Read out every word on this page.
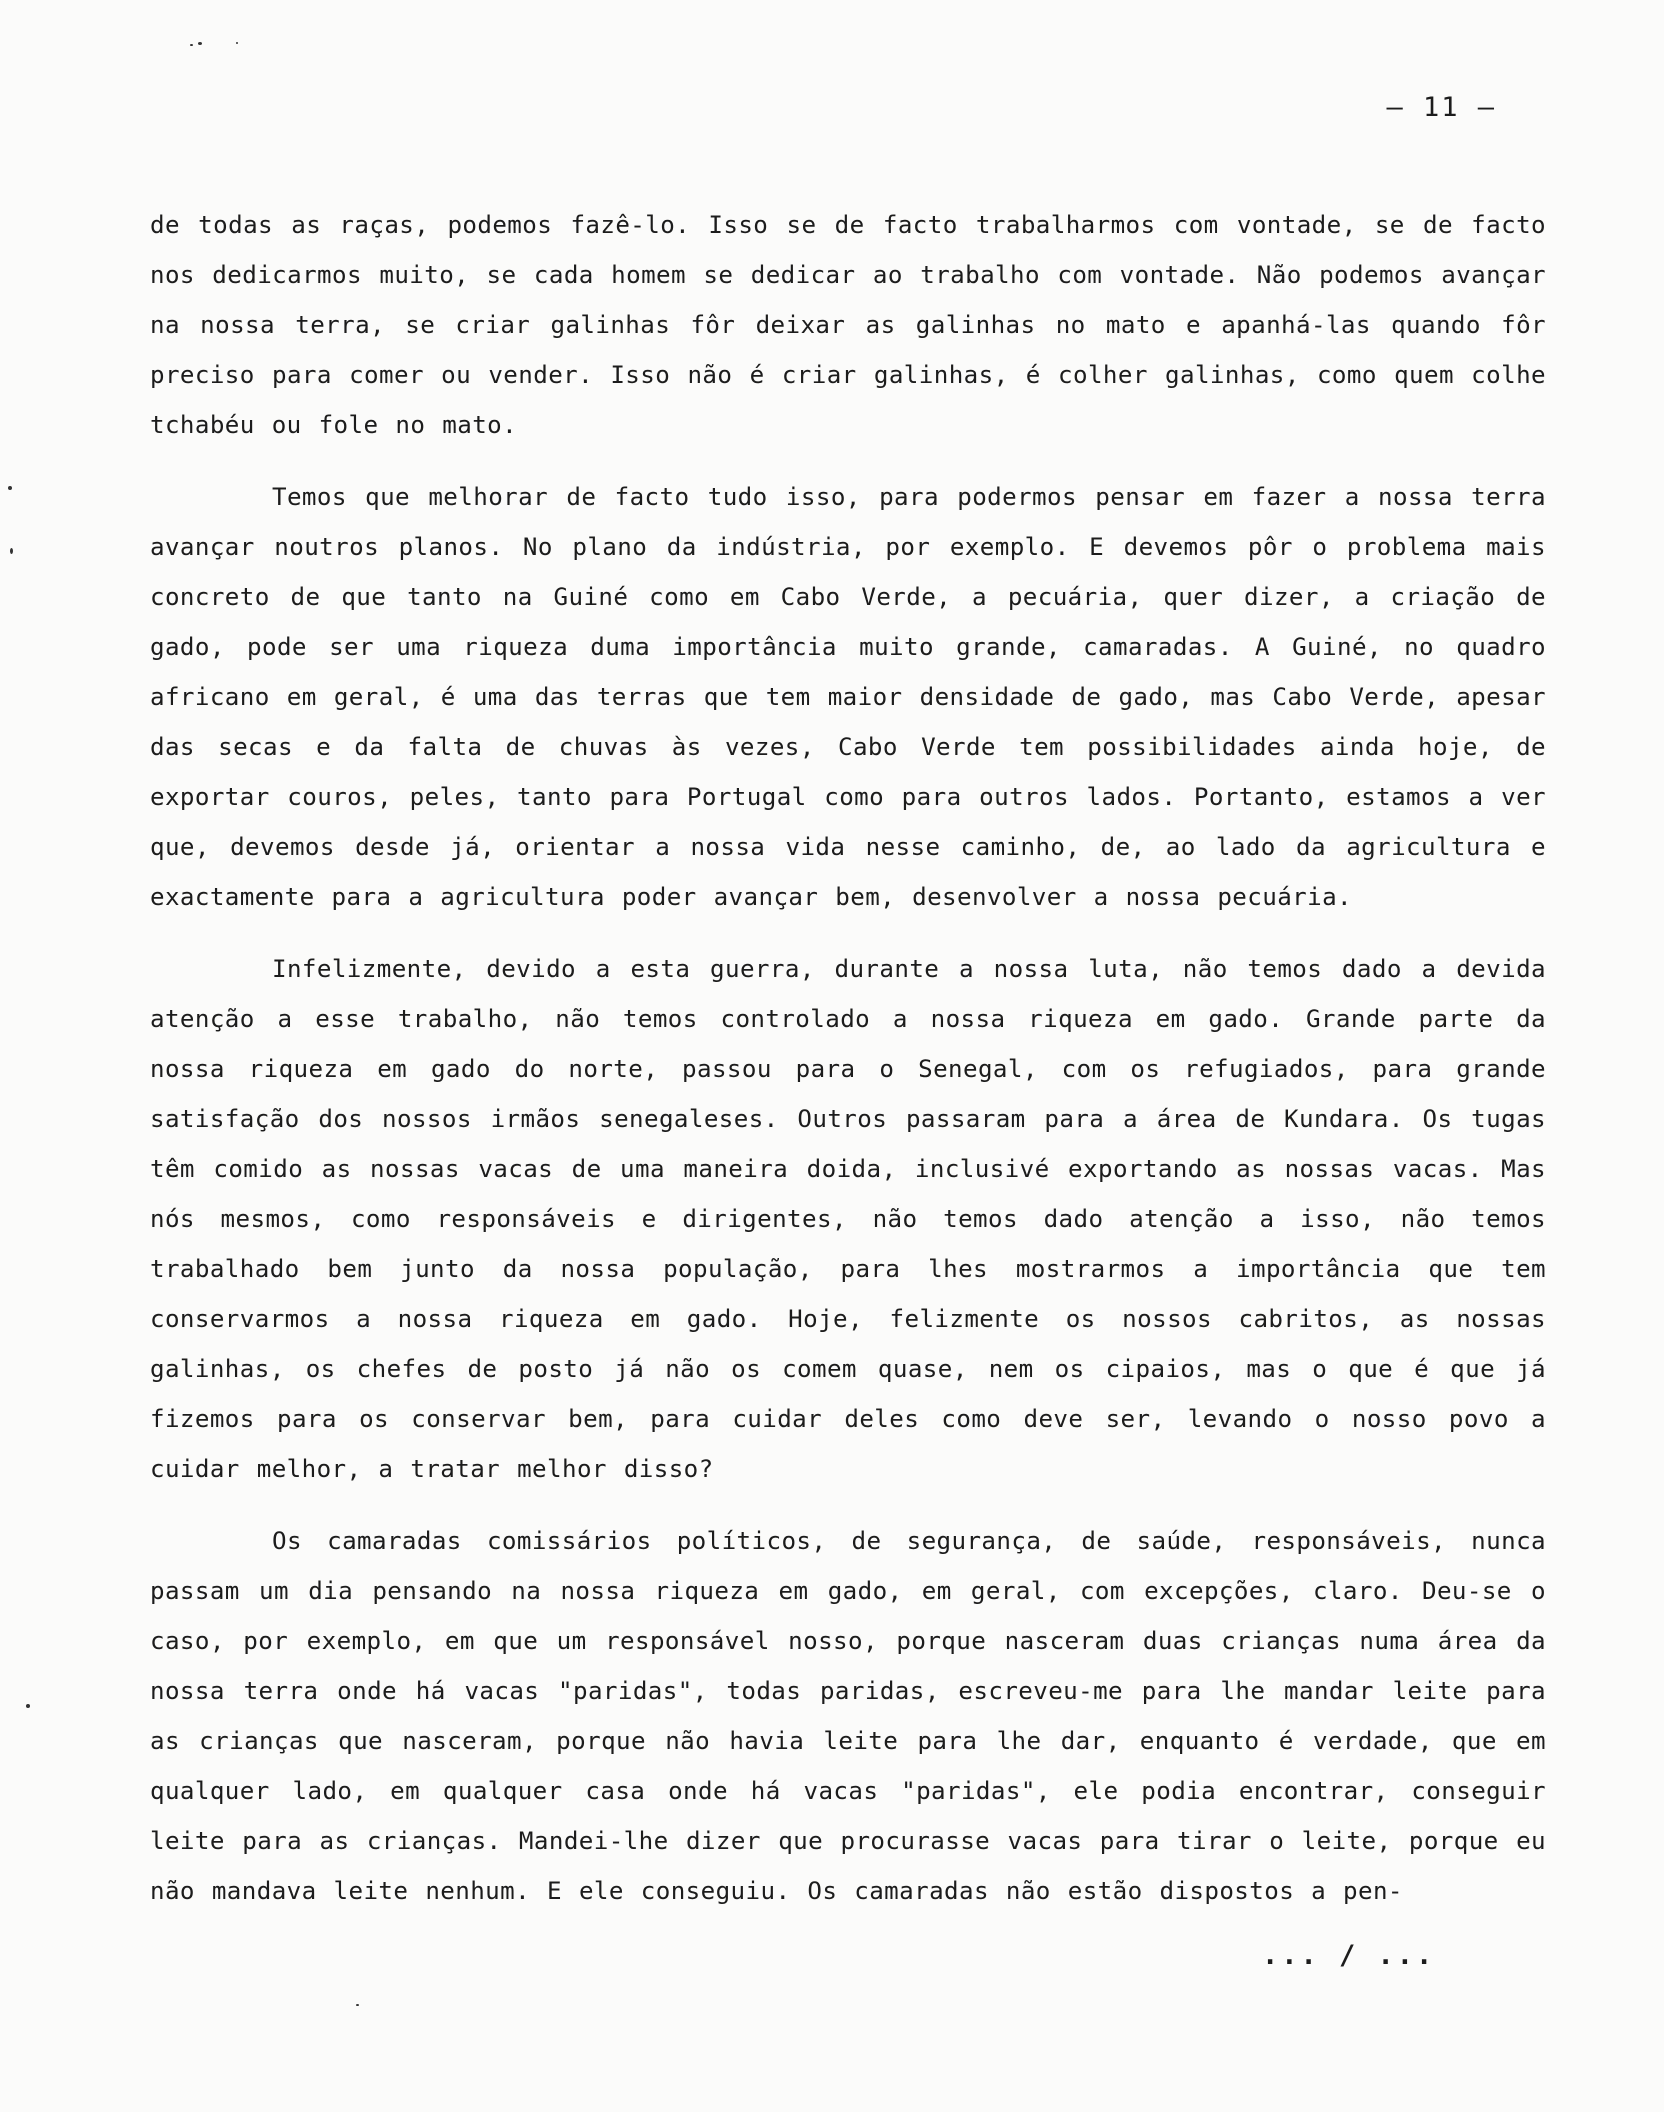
– 11 –

de todas as raças, podemos fazê-lo. Isso se de facto trabalharmos com vontade, se de facto nos dedicarmos muito, se cada homem se dedicar ao trabalho com vontade. Não podemos avançar na nossa terra, se criar galinhas fôr deixar as galinhas no mato e apanhá-las quando fôr preciso para comer ou vender. Isso não é criar galinhas, é colher galinhas, como quem colhe tchabéu ou fole no mato.

Temos que melhorar de facto tudo isso, para podermos pensar em fazer a nossa terra avançar noutros planos. No plano da indústria, por exemplo. E devemos pôr o problema mais concreto de que tanto na Guiné como em Cabo Verde, a pecuária, quer dizer, a criação de gado, pode ser uma riqueza duma importância muito grande, camaradas. A Guiné, no quadro africano em geral, é uma das terras que tem maior densidade de gado, mas Cabo Verde, apesar das secas e da falta de chuvas às vezes, Cabo Verde tem possibilidades ainda hoje, de exportar couros, peles, tanto para Portugal como para outros lados. Portanto, estamos a ver que, devemos desde já, orientar a nossa vida nesse caminho, de, ao lado da agricultura e exactamente para a agricultura poder avançar bem, desenvolver a nossa pecuária.

Infelizmente, devido a esta guerra, durante a nossa luta, não temos dado a devida atenção a esse trabalho, não temos controlado a nossa riqueza em gado. Grande parte da nossa riqueza em gado do norte, passou para o Senegal, com os refugiados, para grande satisfação dos nossos irmãos senegaleses. Outros passaram para a área de Kundara. Os tugas têm comido as nossas vacas de uma maneira doida, inclusivé exportando as nossas vacas. Mas nós mesmos, como responsáveis e dirigentes, não temos dado atenção a isso, não temos trabalhado bem junto da nossa população, para lhes mostrarmos a importância que tem conservarmos a nossa riqueza em gado. Hoje, felizmente os nossos cabritos, as nossas galinhas, os chefes de posto já não os comem quase, nem os cipaios, mas o que é que já fizemos para os conservar bem, para cuidar deles como deve ser, levando o nosso povo a cuidar melhor, a tratar melhor disso?

Os camaradas comissários políticos, de segurança, de saúde, responsáveis, nunca passam um dia pensando na nossa riqueza em gado, em geral, com excepções, claro. Deu-se o caso, por exemplo, em que um responsável nosso, porque nasceram duas crianças numa área da nossa terra onde há vacas "paridas", todas paridas, escreveu-me para lhe mandar leite para as crianças que nasceram, porque não havia leite para lhe dar, enquanto é verdade, que em qualquer lado, em qualquer casa onde há vacas "paridas", ele podia encontrar, conseguir leite para as crianças. Mandei-lhe dizer que procurasse vacas para tirar o leite, porque eu não mandava leite nenhum. E ele conseguiu. Os camaradas não estão dispostos a pen-

... / ...
